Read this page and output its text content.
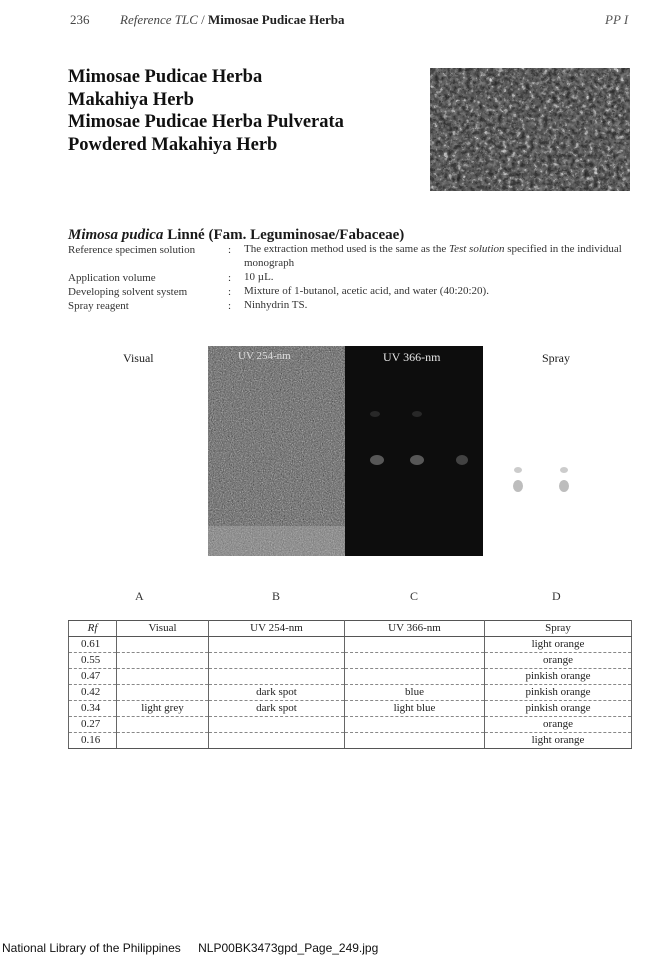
236 Reference TLC / Mimosae Pudicae Herba	PP I
Mimosae Pudicae Herba
Makahiya Herb
Mimosae Pudicae Herba Pulverata
Powdered Makahiya Herb
Mimosa pudica Linné (Fam. Leguminosae/Fabaceae)
Reference specimen solution	: The extraction method used is the same as the Test solution specified in the individual monograph
Application volume	: 10 µL.
Developing solvent system	: Mixture of 1-butanol, acetic acid, and water (40:20:20).
Spray reagent	: Ninhydrin TS.
Visual	Spray
UV 254-nm	UV 366-nm
A	B	C	D
Rf	Visual	UV 254-nm	UV 366-nm	Spray
0.61				light orange
0.55				orange
0.47				pinkish orange
0.42		dark spot	blue	pinkish orange
0.34	light grey	dark spot	light blue	pinkish orange
0.27				orange
0.16				light orange
National Library of the Philippines NLP00BK3473gpd_Page_249.jpg
